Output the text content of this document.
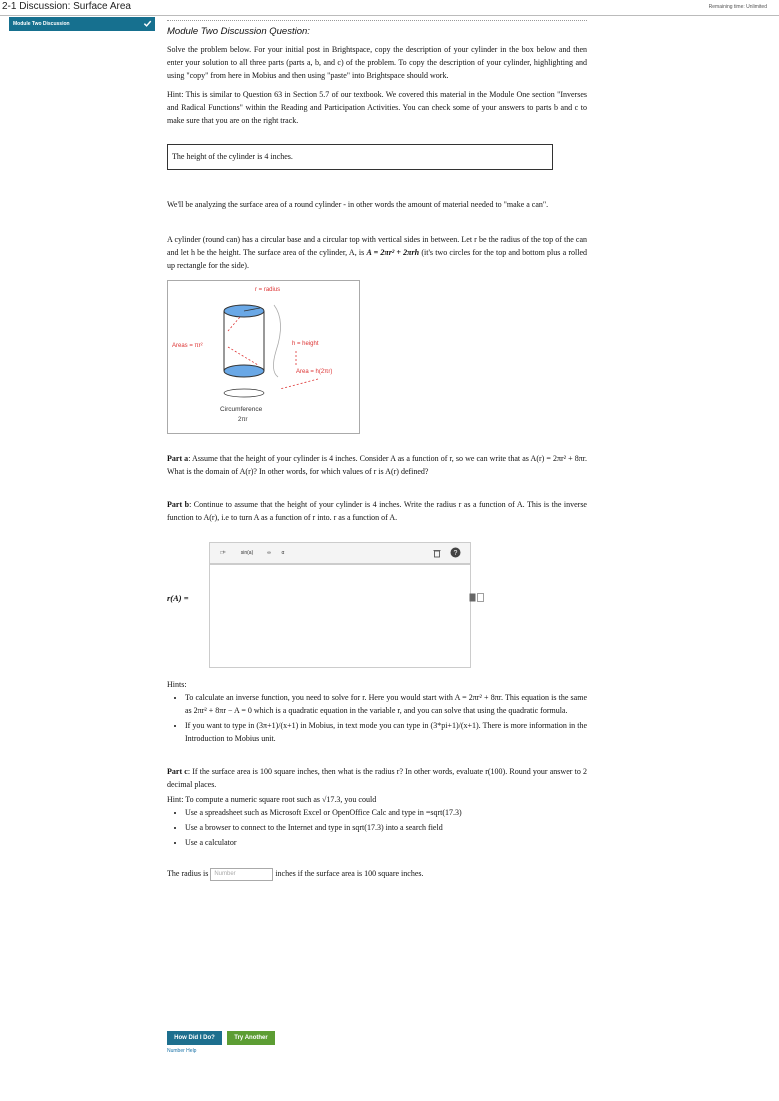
2-1 Discussion: Surface Area	Remaining time: Unlimited
Module Two Discussion
Module Two Discussion Question:

Solve the problem below. For your initial post in Brightspace, copy the description of your cylinder in the box below and then enter your solution to all three parts (parts a, b, and c) of the problem. To copy the description of your cylinder, highlighting and using "copy" from here in Mobius and then using "paste" into Brightspace should work.

Hint: This is similar to Question 63 in Section 5.7 of our textbook. We covered this material in the Module One section "Inverses and Radical Functions" within the Reading and Participation Activities. You can check some of your answers to parts b and c to make sure that you are on the right track.

The height of the cylinder is 4 inches.

We'll be analyzing the surface area of a round cylinder - in other words the amount of material needed to "make a can".

A cylinder (round can) has a circular base and a circular top with vertical sides in between. Let r be the radius of the top of the can and let h be the height. The surface area of the cylinder, A, is A = 2πr² + 2πrh (it's two circles for the top and bottom plus a rolled up rectangle for the side).

r = radius
h = height
Areas = πr²
Area = h(2πr)
Circumference
2πr

Part a: Assume that the height of your cylinder is 4 inches. Consider A as a function of r, so we can write that as A(r) = 2πr² + 8πr. What is the domain of A(r)? In other words, for which values of r is A(r) defined?

Part b: Continue to assume that the height of your cylinder is 4 inches. Write the radius r as a function of A. This is the inverse function to A(r), i.e to turn A as a function of r into. r as a function of A.

□ᵇ	sin(a)	∞	α	?
r(A) =
Hints:
• To calculate an inverse function, you need to solve for r. Here you would start with A = 2πr² + 8πr. This equation is the same as 2πr² + 8πr − A = 0 which is a quadratic equation in the variable r, and you can solve that using the quadratic formula.
• If you want to type in (3π+1)/(x+1) in Mobius, in text mode you can type in (3*pi+1)/(x+1). There is more information in the Introduction to Mobius unit.

Part c: If the surface area is 100 square inches, then what is the radius r? In other words, evaluate r(100). Round your answer to 2 decimal places.

Hint: To compute a numeric square root such as √17.3, you could

• Use a spreadsheet such as Microsoft Excel or OpenOffice Calc and type in =sqrt(17.3)
• Use a browser to connect to the Internet and type in sqrt(17.3) into a search field
• Use a calculator

The radius is Number	inches if the surface area is 100 square inches.

How Did I Do?	Try Another
Number Help
